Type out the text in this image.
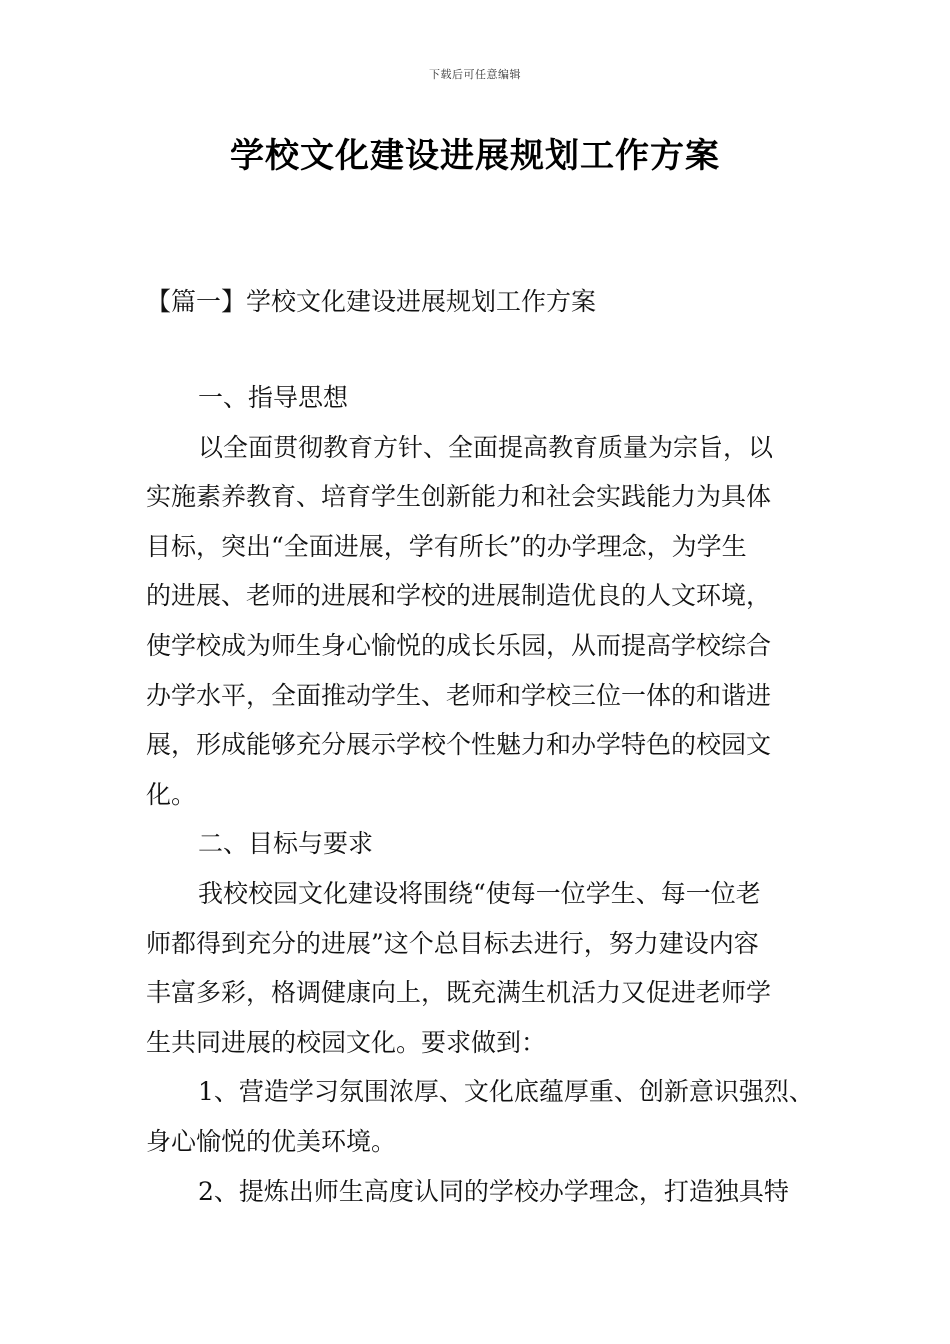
下载后可任意编辑
学校文化建设进展规划工作方案
【篇一】学校文化建设进展规划工作方案
一、指导思想
以全面贯彻教育方针、全面提高教育质量为宗旨，以
实施素养教育、培育学生创新能力和社会实践能力为具体
目标，突出“全面进展，学有所长”的办学理念，为学生
的进展、老师的进展和学校的进展制造优良的人文环境，
使学校成为师生身心愉悦的成长乐园，从而提高学校综合
办学水平，全面推动学生、老师和学校三位一体的和谐进
展，形成能够充分展示学校个性魅力和办学特色的校园文
化。
二、目标与要求
我校校园文化建设将围绕“使每一位学生、每一位老
师都得到充分的进展”这个总目标去进行，努力建设内容
丰富多彩，格调健康向上，既充满生机活力又促进老师学
生共同进展的校园文化。要求做到：
1、营造学习氛围浓厚、文化底蕴厚重、创新意识强烈、
身心愉悦的优美环境。
2、提炼出师生高度认同的学校办学理念，打造独具特
